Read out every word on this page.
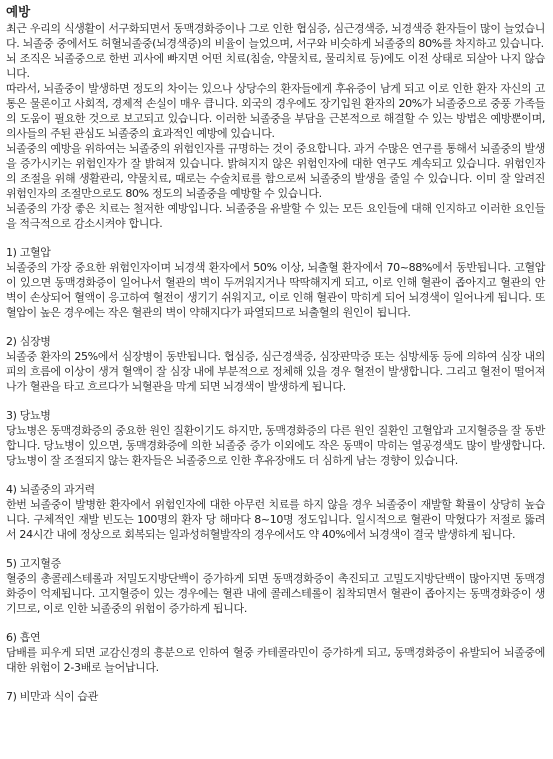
예방

최근 우리의 식생활이 서구화되면서 동맥경화증이나 그로 인한 협심증, 심근경색증, 뇌경색증 환자들이 많이 늘었습니다. 뇌졸중 중에서도 허혈뇌졸중(뇌경색증)의 비율이 늘었으며, 서구와 비슷하게 뇌졸중의 80%를 차지하고 있습니다.

뇌 조직은 뇌졸중으로 한번 괴사에 빠지면 어떤 치료(침술, 약물치료, 물리치료 등)에도 이전 상태로 되살아 나지 않습니다.

따라서, 뇌졸중이 발생하면 정도의 차이는 있으나 상당수의 환자들에게 후유증이 남게 되고 이로 인한 환자 자신의 고통은 물론이고 사회적, 경제적 손실이 매우 큽니다. 외국의 경우에도 장기입원 환자의 20%가 뇌졸중으로 중풍 가족들의 도움이 필요한 것으로 보고되고 있습니다. 이러한 뇌졸중을 부담을 근본적으로 해결할 수 있는 방법은 예방뿐이며, 의사들의 주된 관심도 뇌졸중의 효과적인 예방에 있습니다.

뇌졸중의 예방을 위하여는 뇌졸중의 위험인자를 규명하는 것이 중요합니다. 과거 수많은 연구를 통해서 뇌졸중의 발생을 증가시키는 위험인자가 잘 밝혀져 있습니다. 밝혀지지 않은 위험인자에 대한 연구도 계속되고 있습니다. 위험인자의 조절을 위해 생활관리, 약물치료, 때로는 수술치료를 함으로써 뇌졸중의 발생을 줄일 수 있습니다. 이미 잘 알려진 위험인자의 조절만으로도 80% 정도의 뇌졸중을 예방할 수 있습니다.

뇌졸중의 가장 좋은 치료는 철저한 예방입니다. 뇌졸중을 유발할 수 있는 모든 요인들에 대해 인지하고 이러한 요인들을 적극적으로 감소시켜야 합니다.

1) 고혈압

뇌졸중의 가장 중요한 위험인자이며 뇌경색 환자에서 50% 이상, 뇌출혈 환자에서 70~88%에서 동반됩니다. 고혈압이 있으면 동맥경화증이 일어나서 혈관의 벽이 두꺼워지거나 딱딱해지게 되고, 이로 인해 혈관이 좁아지고 혈관의 안벽이 손상되어 혈액이 응고하여 혈전이 생기기 쉬워지고, 이로 인해 혈관이 막히게 되어 뇌경색이 일어나게 됩니다. 또 혈압이 높은 경우에는 작은 혈관의 벽이 약해지다가 파열되므로 뇌출혈의 원인이 됩니다.

2) 심장병

뇌졸중 환자의 25%에서 심장병이 동반됩니다. 협심증, 심근경색증, 심장판막증 또는 심방세동 등에 의하여 심장 내의 피의 흐름에 이상이 생겨 혈액이 잘 심장 내에 부분적으로 정체해 있을 경우 혈전이 발생합니다. 그리고 혈전이 떨어져나가 혈관을 타고 흐르다가 뇌혈관을 막게 되면 뇌경색이 발생하게 됩니다.

3) 당뇨병

당뇨병은 동맥경화증의 중요한 원인 질환이기도 하지만, 동맥경화증의 다른 원인 질환인 고혈압과 고지혈증을 잘 동반합니다. 당뇨병이 있으면, 동맥경화증에 의한 뇌졸중 증가 이외에도 작은 동맥이 막히는 열공경색도 많이 발생합니다. 당뇨병이 잘 조절되지 않는 환자들은 뇌졸중으로 인한 후유장애도 더 심하게 남는 경향이 있습니다.

4) 뇌졸중의 과거력

한번 뇌졸중이 발병한 환자에서 위험인자에 대한 아무런 치료를 하지 않을 경우 뇌졸중이 재발할 확률이 상당히 높습니다. 구체적인 재발 빈도는 100명의 환자 당 해마다 8~10명 정도입니다. 일시적으로 혈관이 막혔다가 저절로 뚫려서 24시간 내에 정상으로 회복되는 일과성허혈발작의 경우에서도 약 40%에서 뇌경색이 결국 발생하게 됩니다.

5) 고지혈증

혈중의 총콜레스테롤과 저밀도지방단백이 증가하게 되면 동맥경화증이 촉진되고 고밀도지방단백이 많아지면 동맥경화증이 억제됩니다. 고지혈증이 있는 경우에는 혈관 내에 콜레스테롤이 침착되면서 혈관이 좁아지는 동맥경화증이 생기므로, 이로 인한 뇌졸중의 위험이 증가하게 됩니다.

6) 흡연

담배를 피우게 되면 교감신경의 흥분으로 인하여 혈중 카테콜라민이 증가하게 되고, 동맥경화증이 유발되어 뇌졸중에 대한 위험이 2-3배로 늘어납니다.

7) 비만과 식이 습관
